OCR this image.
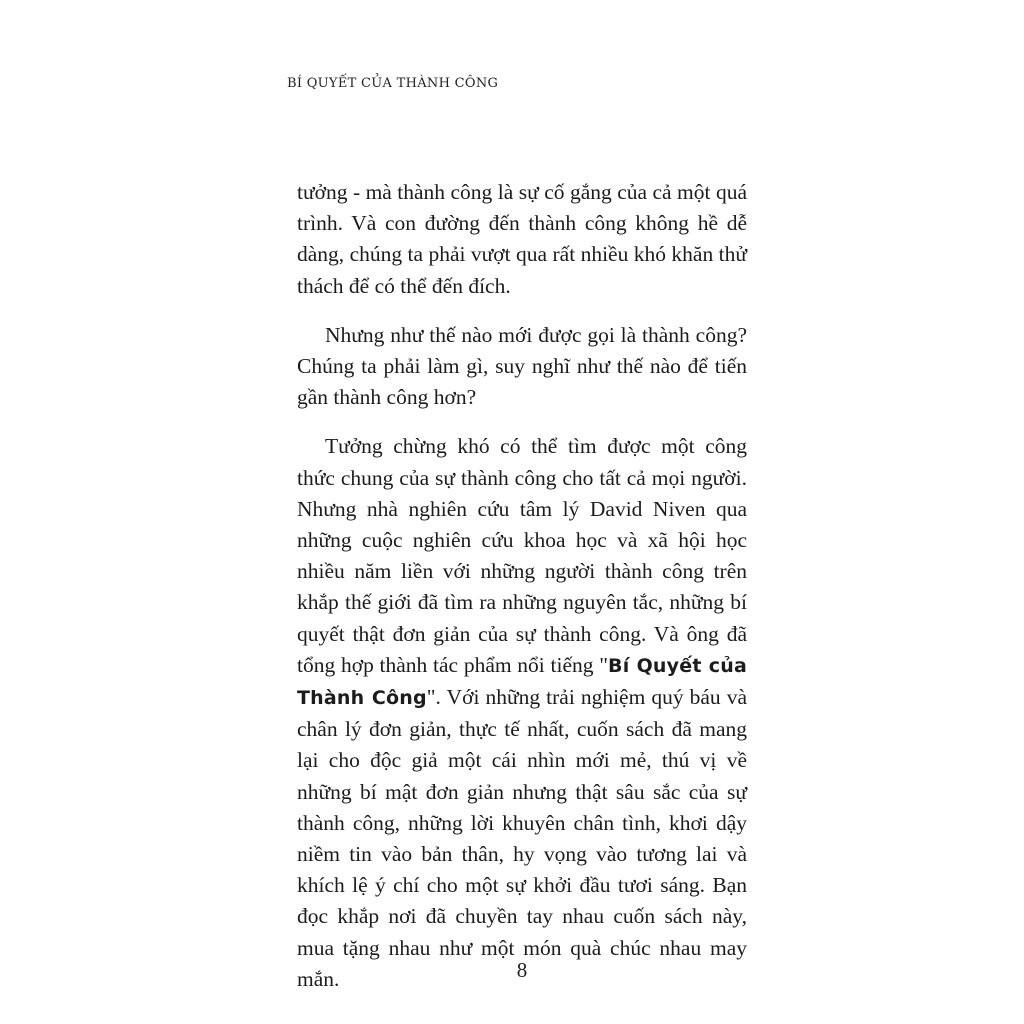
BÍ QUYẾT CỦA THÀNH CÔNG

tưởng - mà thành công là sự cố gắng của cả một quá trình. Và con đường đến thành công không hề dễ dàng, chúng ta phải vượt qua rất nhiều khó khăn thử thách để có thể đến đích.

Nhưng như thế nào mới được gọi là thành công? Chúng ta phải làm gì, suy nghĩ như thế nào để tiến gần thành công hơn?

Tưởng chừng khó có thể tìm được một công thức chung của sự thành công cho tất cả mọi người. Nhưng nhà nghiên cứu tâm lý David Niven qua những cuộc nghiên cứu khoa học và xã hội học nhiều năm liền với những người thành công trên khắp thế giới đã tìm ra những nguyên tắc, những bí quyết thật đơn giản của sự thành công. Và ông đã tổng hợp thành tác phẩm nổi tiếng "Bí Quyết của Thành Công". Với những trải nghiệm quý báu và chân lý đơn giản, thực tế nhất, cuốn sách đã mang lại cho độc giả một cái nhìn mới mẻ, thú vị về những bí mật đơn giản nhưng thật sâu sắc của sự thành công, những lời khuyên chân tình, khơi dậy niềm tin vào bản thân, hy vọng vào tương lai và khích lệ ý chí cho một sự khởi đầu tươi sáng. Bạn đọc khắp nơi đã chuyền tay nhau cuốn sách này, mua tặng nhau như một món quà chúc nhau may mắn.	8
